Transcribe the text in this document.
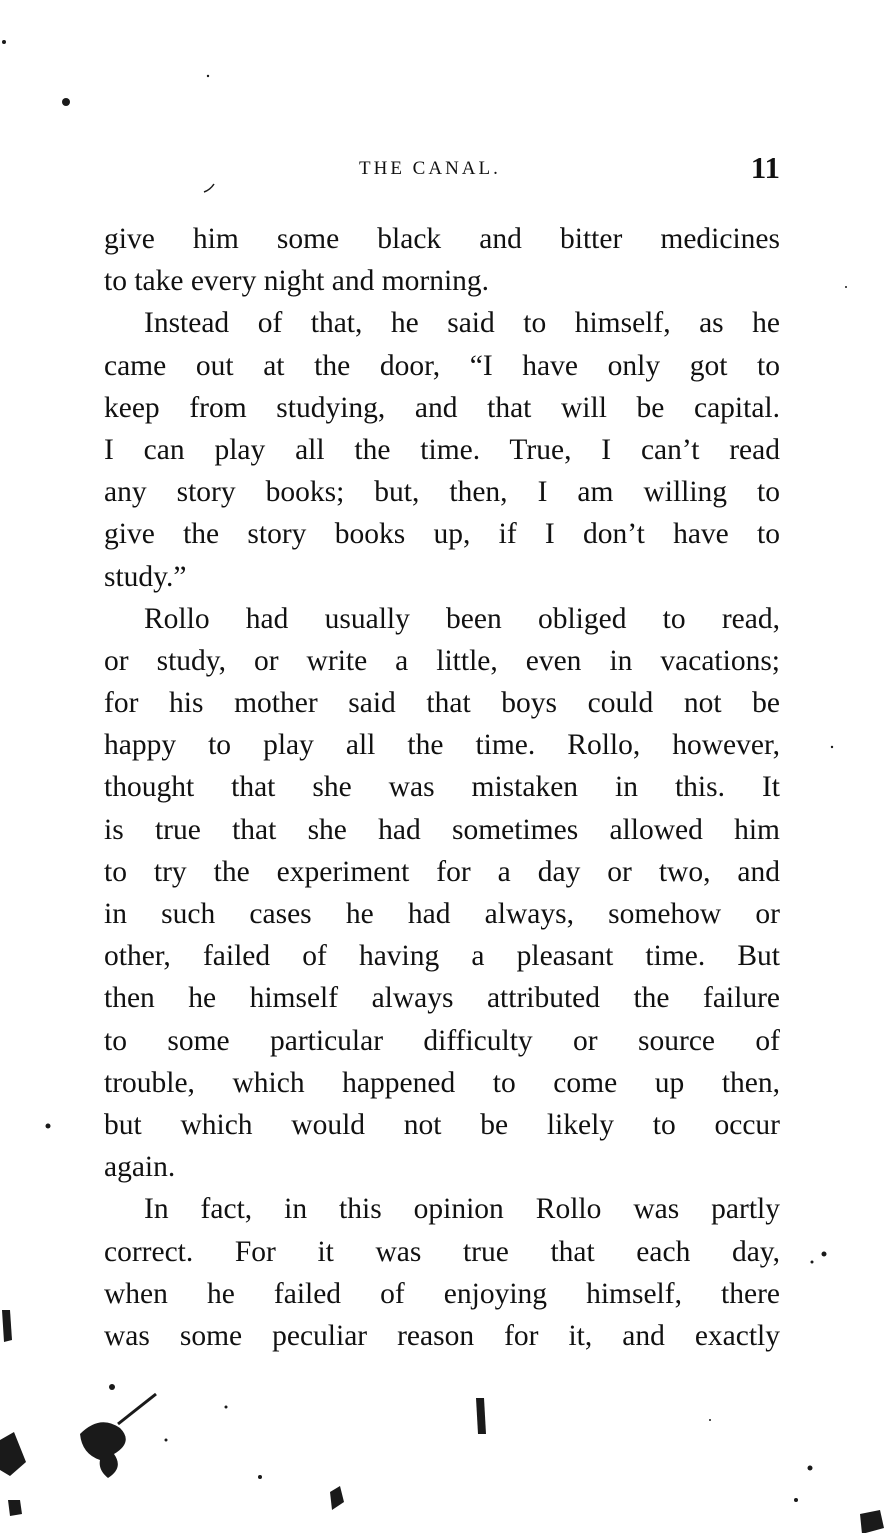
THE CANAL.	11
give him some black and bitter medicines
to take every night and morning.
Instead of that, he said to himself, as he
came out at the door, “I have only got to
keep from studying, and that will be capital.
I can play all the time. True, I can’t read
any story books; but, then, I am willing to
give the story books up, if I don’t have to
study.”
Rollo had usually been obliged to read,
or study, or write a little, even in vacations;
for his mother said that boys could not be
happy to play all the time. Rollo, however,
thought that she was mistaken in this. It
is true that she had sometimes allowed him
to try the experiment for a day or two, and
in such cases he had always, somehow or
other, failed of having a pleasant time. But
then he himself always attributed the failure
to some particular difficulty or source of
trouble, which happened to come up then,
but which would not be likely to occur
again.
In fact, in this opinion Rollo was partly
correct. For it was true that each day,
when he failed of enjoying himself, there
was some peculiar reason for it, and exactly
